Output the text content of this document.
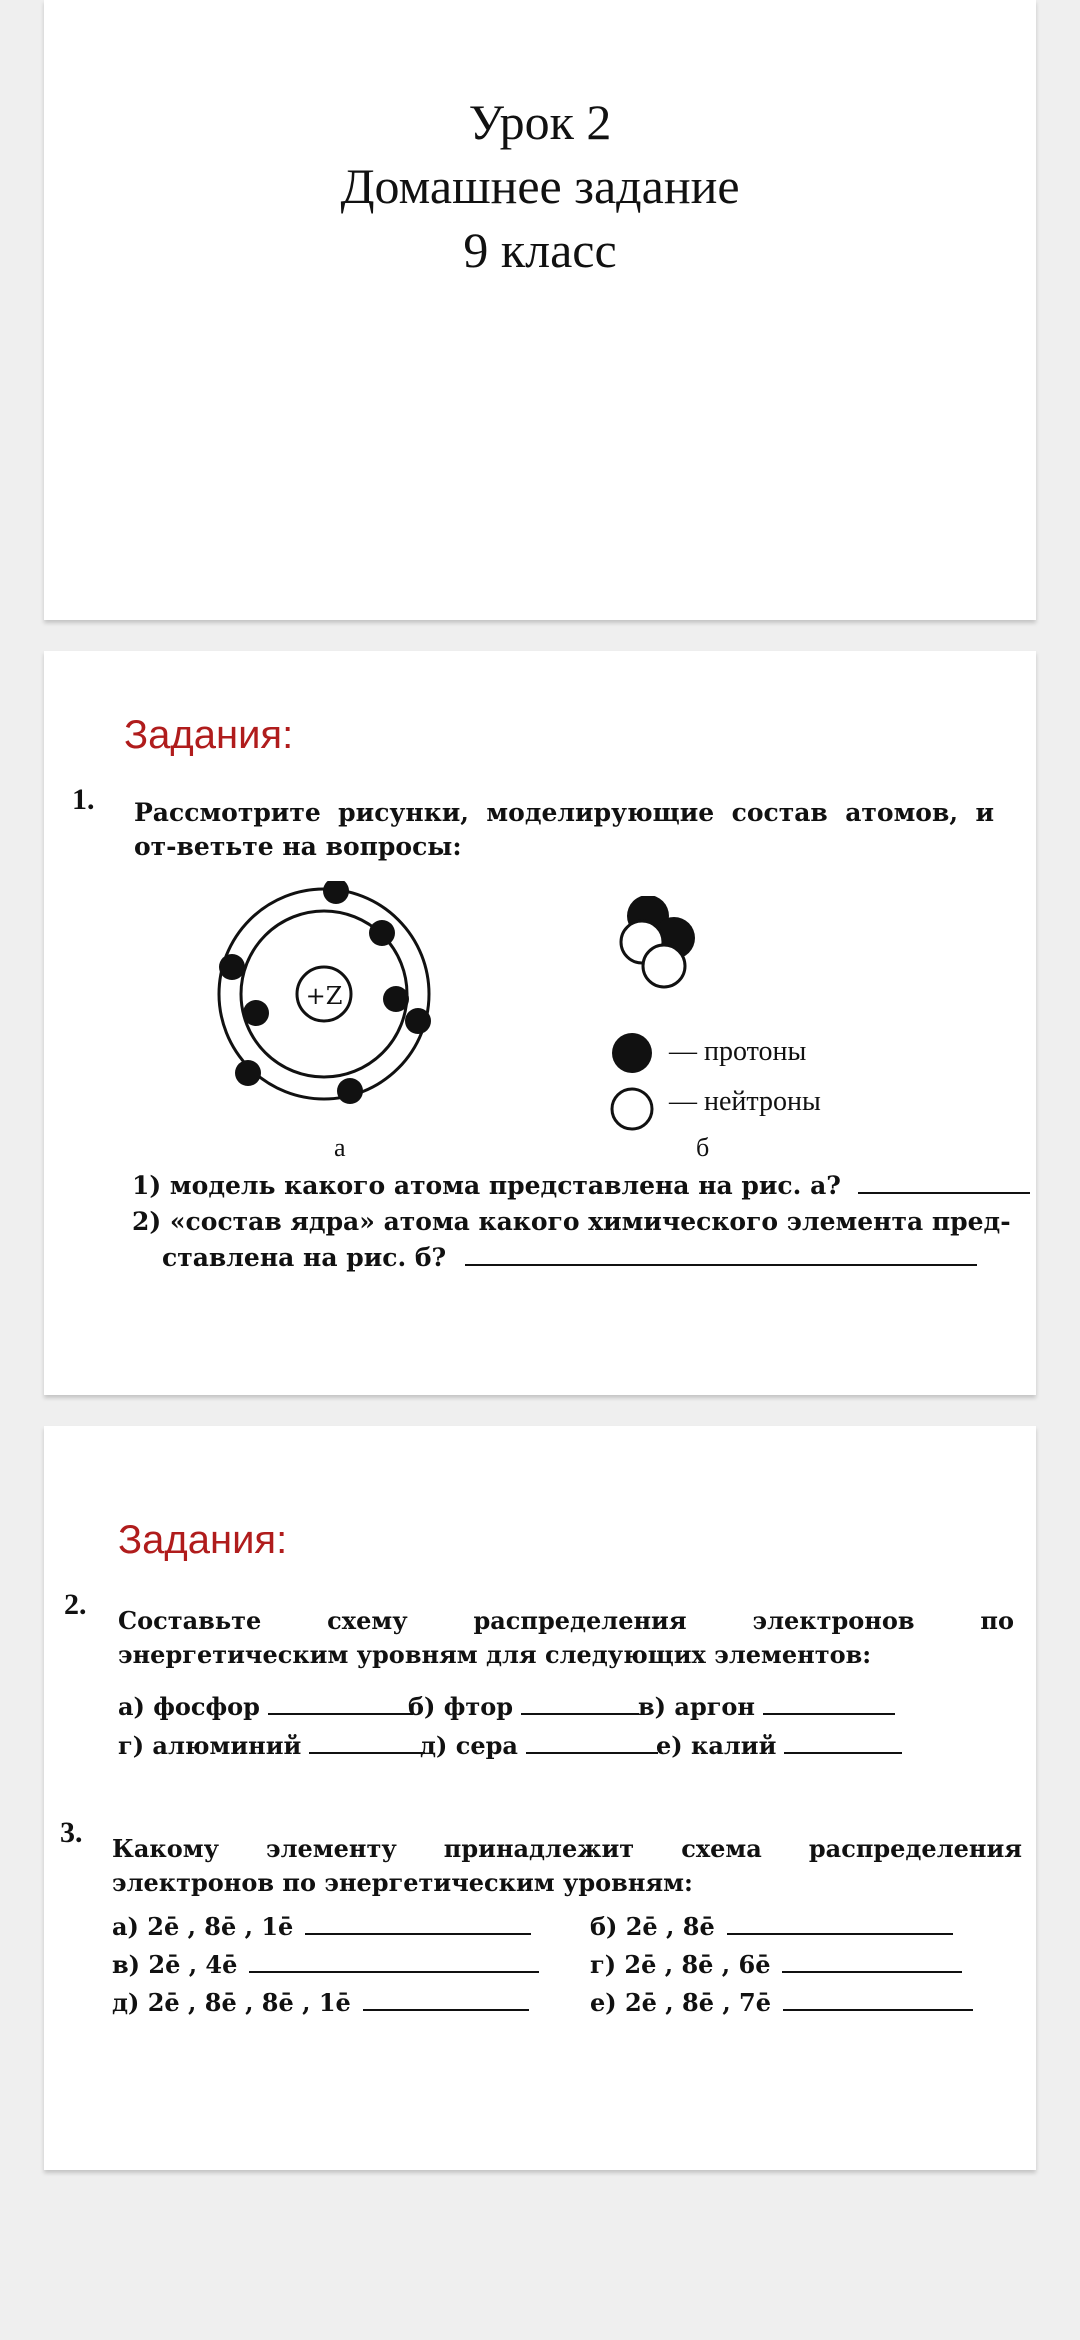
Урок 2
Домашнее задание
9 класс
Задания:
1. Рассмотрите рисунки, моделирующие состав атомов, и от-ветьте на вопросы:
+Z
— протоны
— нейтроны
а	б
1) модель какого атома представлена на рис. а?
2) «состав ядра» атома какого химического элемента пред-
ставлена на рис. б?
Задания:
2. Составьте схему распределения электронов по энергетическим уровням для следующих элементов:
а) фосфор	б) фтор	в) аргон
г) алюминий	д) сера	е) калий
3. Какому элементу принадлежит схема распределения электронов по энергетическим уровням:
а) 2ē , 8ē , 1ē	б) 2ē , 8ē
в) 2ē , 4ē	г) 2ē , 8ē , 6ē
д) 2ē , 8ē , 8ē , 1ē	е) 2ē , 8ē , 7ē
